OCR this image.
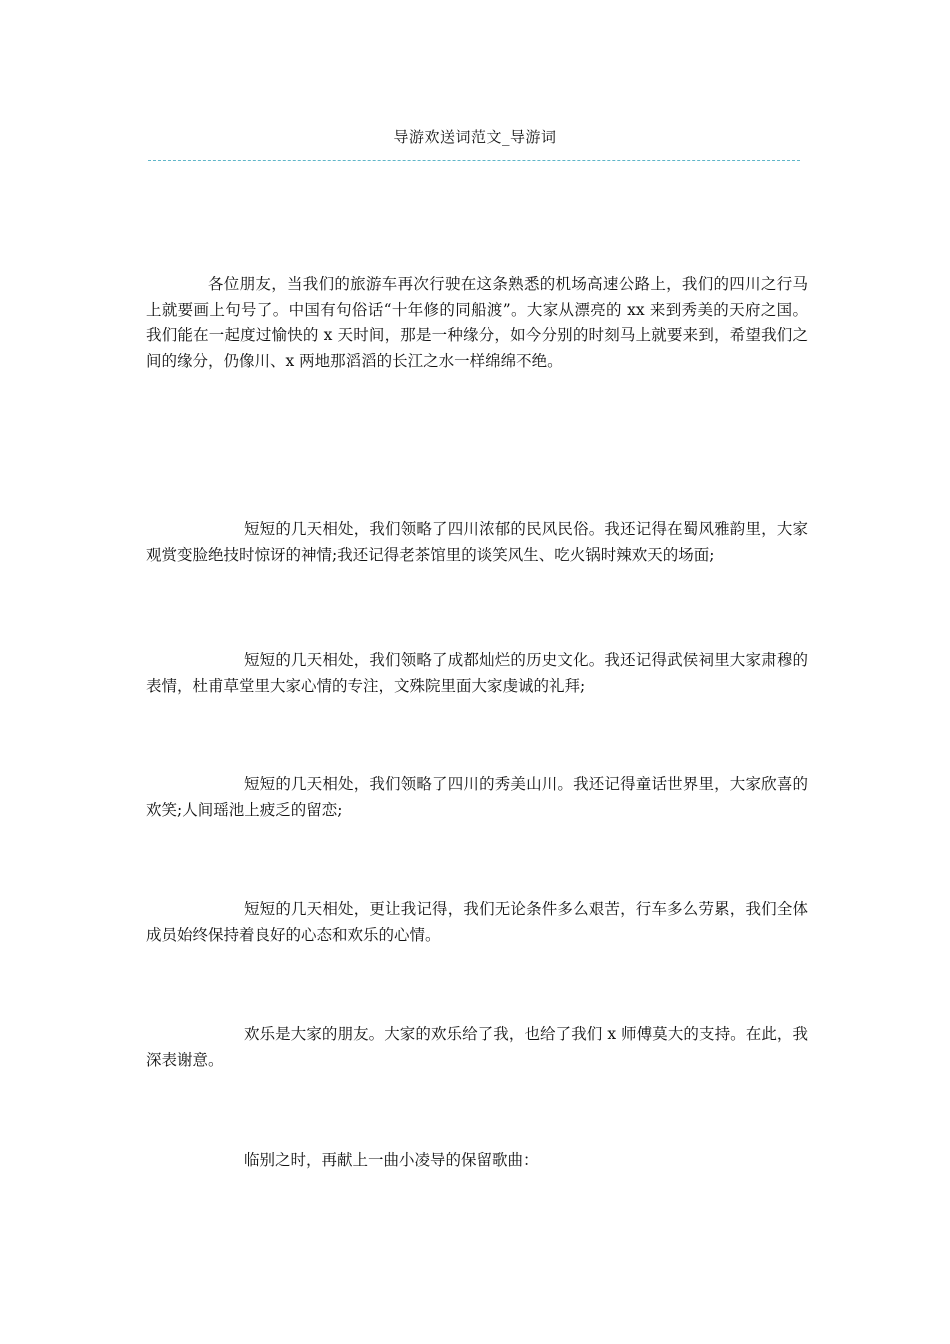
导游欢送词范文_导游词

各位朋友，当我们的旅游车再次行驶在这条熟悉的机场高速公路上，我们的四川之行马上就要画上句号了。中国有句俗话“十年修的同船渡”。大家从漂亮的 xx 来到秀美的天府之国。我们能在一起度过愉快的 x 天时间，那是一种缘分，如今分别的时刻马上就要来到，希望我们之间的缘分，仍像川、x 两地那滔滔的长江之水一样绵绵不绝。

短短的几天相处，我们领略了四川浓郁的民风民俗。我还记得在蜀风雅韵里，大家观赏变脸绝技时惊讶的神情;我还记得老茶馆里的谈笑风生、吃火锅时辣欢天的场面;

短短的几天相处，我们领略了成都灿烂的历史文化。我还记得武侯祠里大家肃穆的表情，杜甫草堂里大家心情的专注，文殊院里面大家虔诚的礼拜;

短短的几天相处，我们领略了四川的秀美山川。我还记得童话世界里，大家欣喜的欢笑;人间瑶池上疲乏的留恋;

短短的几天相处，更让我记得，我们无论条件多么艰苦，行车多么劳累，我们全体成员始终保持着良好的心态和欢乐的心情。

欢乐是大家的朋友。大家的欢乐给了我，也给了我们 x 师傅莫大的支持。在此，我深表谢意。

临别之时，再献上一曲小凌导的保留歌曲：
